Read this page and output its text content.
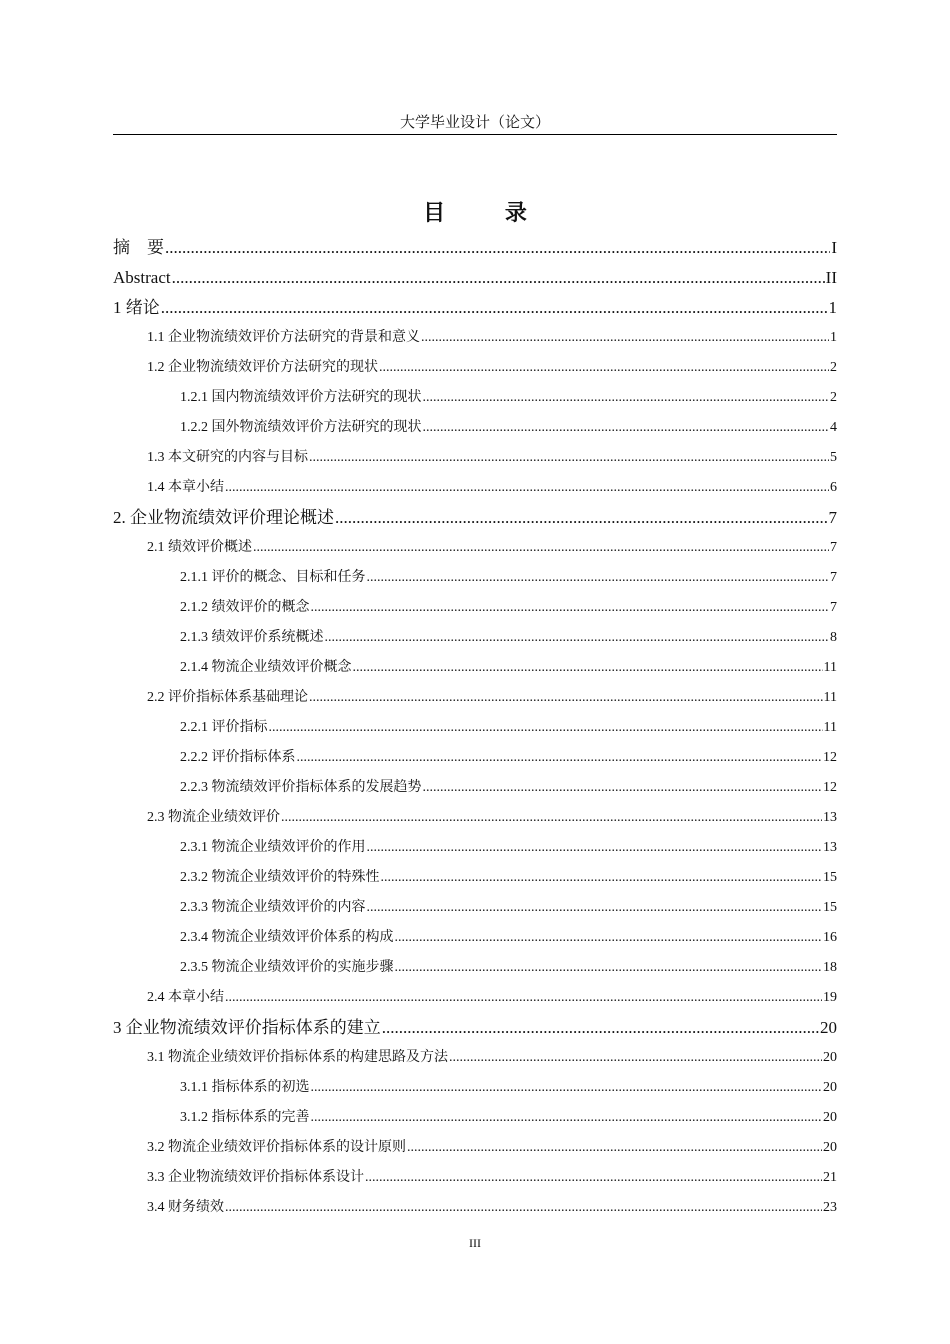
大学毕业设计（论文）
目 录
摘　要 .....	I
Abstract .....	II
1 绪论 .....	1
1.1 企业物流绩效评价方法研究的背景和意义 .....	1
1.2 企业物流绩效评价方法研究的现状 .....	2
1.2.1 国内物流绩效评价方法研究的现状 .....	2
1.2.2 国外物流绩效评价方法研究的现状 .....	4
1.3 本文研究的内容与目标 .....	5
1.4 本章小结 .....	6
2. 企业物流绩效评价理论概述 .....	7
2.1 绩效评价概述 .....	7
2.1.1 评价的概念、目标和任务 .....	7
2.1.2 绩效评价的概念 .....	7
2.1.3 绩效评价系统概述 .....	8
2.1.4 物流企业绩效评价概念 .....	11
2.2 评价指标体系基础理论 .....	11
2.2.1 评价指标 .....	11
2.2.2 评价指标体系 .....	12
2.2.3 物流绩效评价指标体系的发展趋势 .....	12
2.3 物流企业绩效评价 .....	13
2.3.1 物流企业绩效评价的作用 .....	13
2.3.2 物流企业绩效评价的特殊性 .....	15
2.3.3 物流企业绩效评价的内容 .....	15
2.3.4 物流企业绩效评价体系的构成 .....	16
2.3.5 物流企业绩效评价的实施步骤 .....	18
2.4 本章小结 .....	19
3 企业物流绩效评价指标体系的建立 .....	20
3.1 物流企业绩效评价指标体系的构建思路及方法 .....	20
3.1.1 指标体系的初选 .....	20
3.1.2 指标体系的完善 .....	20
3.2 物流企业绩效评价指标体系的设计原则 .....	20
3.3 企业物流绩效评价指标体系设计 .....	21
3.4 财务绩效 .....	23
III
